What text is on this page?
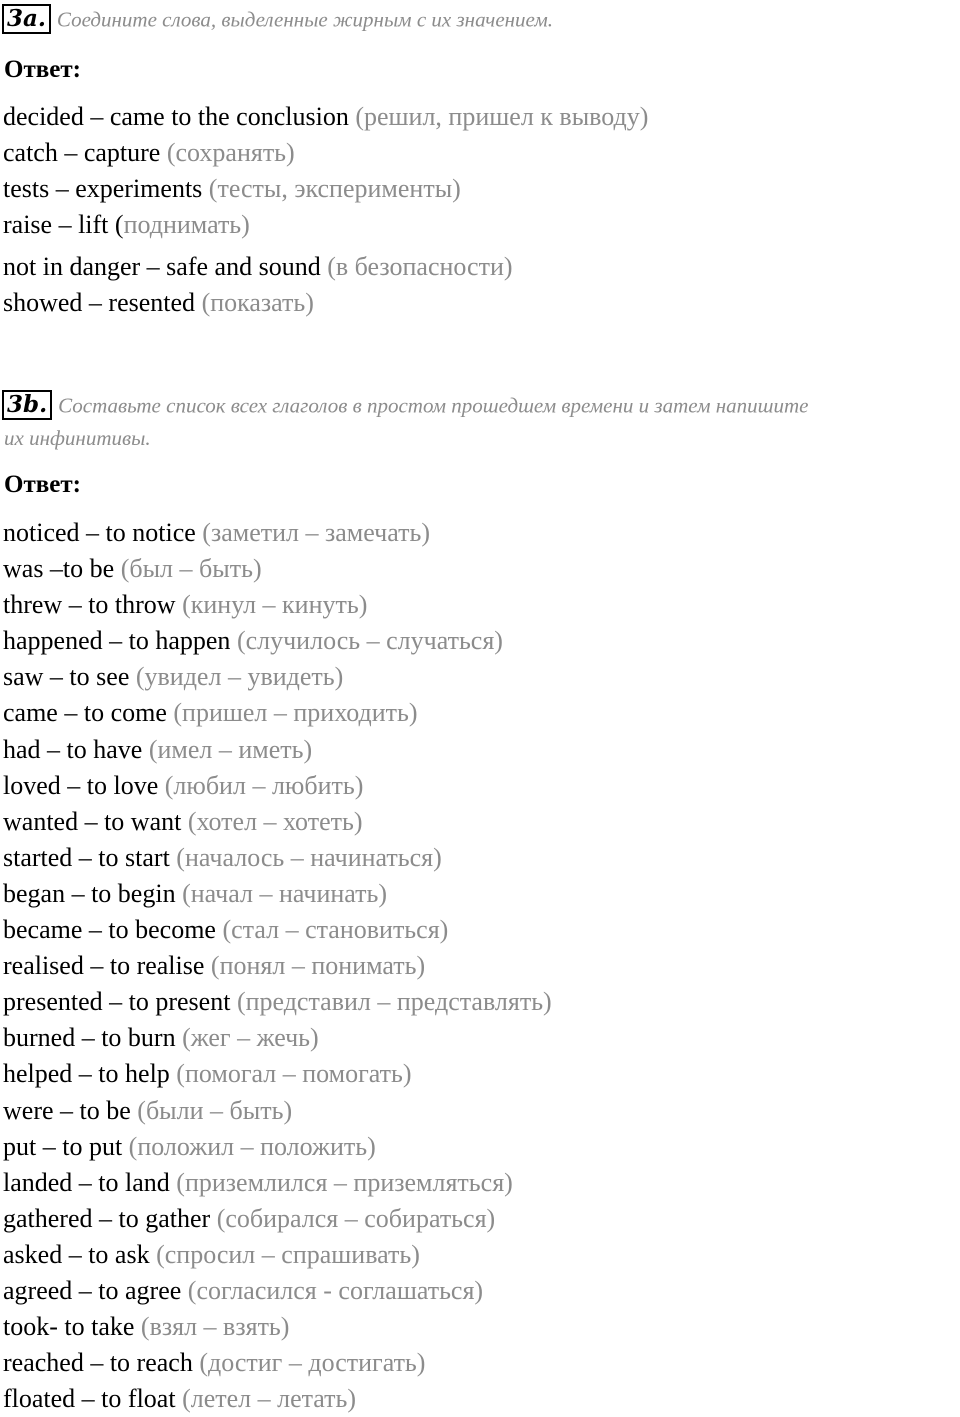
3a. Соедините слова, выделенные жирным с их значением.
Ответ:
decided – came to the conclusion (решил, пришел к выводу)
catch – capture (сохранять)
tests – experiments (тесты, эксперименты)
raise – lift (поднимать)
not in danger – safe and sound (в безопасности)
showed – resented (показать)
3b. Составьте список всех глаголов в простом прошедшем времени и затем напишите
их инфинитивы.
Ответ:
noticed – to notice (заметил – замечать)
was –to be (был – быть)
threw – to throw (кинул – кинуть)
happened – to happen (случилось – случаться)
saw – to see (увидел – увидеть)
came – to come (пришел – приходить)
had – to have (имел – иметь)
loved – to love (любил – любить)
wanted – to want (хотел – хотеть)
started – to start (началось – начинаться)
began – to begin (начал – начинать)
became – to become (стал – становиться)
realised – to realise (понял – понимать)
presented – to present (представил – представлять)
burned – to burn (жег – жечь)
helped – to help (помогал – помогать)
were – to be (были – быть)
put – to put (положил – положить)
landed – to land (приземлился – приземляться)
gathered – to gather (собирался – собираться)
asked – to ask (спросил – спрашивать)
agreed – to agree (согласился - соглашаться)
took- to take (взял – взять)
reached – to reach (достиг – достигать)
floated – to float (летел – летать)
